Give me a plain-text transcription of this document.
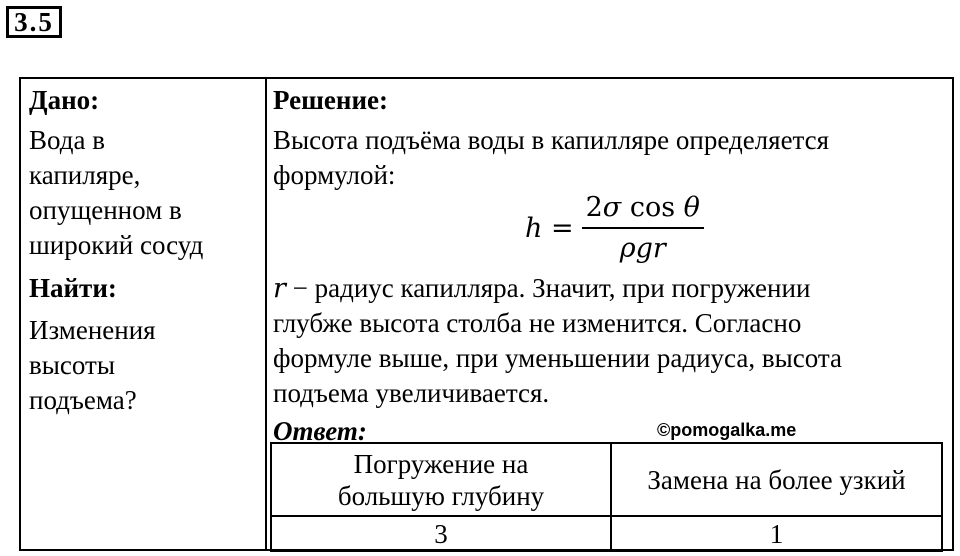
3.5
Дано:
Вода в
капиляре,
опущенном в
широкий сосуд
Найти:
Изменения
высоты
подъема?
Решение:
Высота подъёма воды в капилляре определяется
формулой:
$h = \frac{\text{2σ cos θ}}{\text{ρgr}}$
𝑟 − радиус капилляра. Значит, при погружении
глубже высота столба не изменится. Согласно
формуле выше, при уменьшении радиуса, высота
подъема увеличивается.
Ответ:	©pomogalka.me
Погружение на
большую глубину	Замена на более узкий
3	1
